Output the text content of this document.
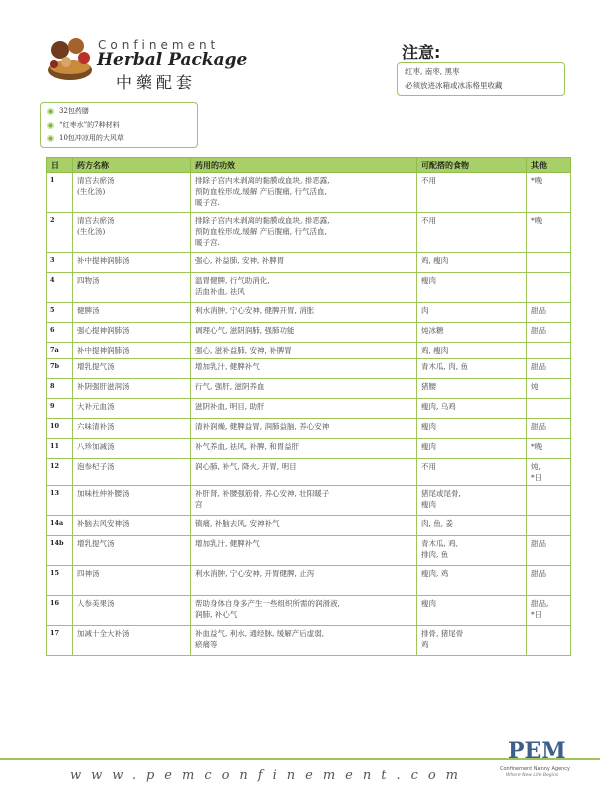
Confinement
Herbal Package
中藥配套
注意:
红枣, 南枣, 黑枣
必须放进冰箱或冰冻格里收藏
32包药膳
“红枣水”的7种材料
10包冲凉用的大风草
日	药方名称	药用的功效	可配搭的食物	其他
1	清宫去瘀汤
(生化汤)	排除子宫内未剥离的黏膜或血块, 排恶露,
预防血栓形成,缓解 产后腹痛, 行气活血,
暖子宫.	不用	*晚
2	清宫去瘀汤
(生化汤)	排除子宫内未剥离的黏膜或血块, 排恶露,
预防血栓形成,缓解 产后腹痛, 行气活血,
暖子宫.	不用	*晚
3	补中提神润肺汤	强心, 补益肺, 安神, 补脾胃	鸡, 瘦肉	
4	四物汤	温胃健脾, 行气助消化,
活血补血, 祛风	瘦肉	
5	健脾汤	利水消肿, 宁心安神, 健脾开胃, 消胀	肉	甜品
6	强心提神润肺汤	调理心气, 滋阴润肺, 强肺功能	炖冰糖	甜品
7a	补中提神润肺汤	强心, 滋补益肺, 安神, 补脾胃	鸡, 瘦肉	
7b	增乳提气汤	增加乳汁, 健脾补气	青木瓜, 肉, 鱼	甜品
8	补阴强肝滋润汤	行气, 强肝, 滋阴养血	猪腰	炖
9	大补元血汤	滋阴补血, 明目, 助肝	瘦肉, 乌鸡	
10	六味清补汤	清补润燥, 健脾益胃, 润肺益脑, 养心安神	瘦肉	甜品
11	八珍加减汤	补气养血, 祛风, 补脾, 和胃益肝	瘦肉	*晚
12	泡参杞子汤	润心肺, 补气, 降火, 开胃, 明目	不用	炖,
*日
13	加味杜仲补腰汤	补肝肾, 补腰强筋骨, 养心安神, 壮阳暖子
宫	猪尾或尾骨,
瘦肉	
14a	补脑去风安神汤	镇痛, 补脑去风, 安神补气	肉, 鱼, 姜	
14b	增乳提气汤	增加乳汁, 健脾补气	青木瓜, 鸡,
排肉, 鱼	甜品
15	四神汤	利水消肿, 宁心安神, 开胃健脾, 止泻	瘦肉, 鸡	甜品
16	人参美果汤	帮助身体自身多产生一些组织所需的润滑液,
润肺, 补心气	瘦肉	甜品,
*日
17	加减十全大补汤	补血益气, 利水, 通经脉, 缓解产后虚弱,
瘀痛等	排骨, 猪尾骨
鸡	
www.pemconfinement.com
PEM
Confinement Nanny Agency
Where New Life Begins
